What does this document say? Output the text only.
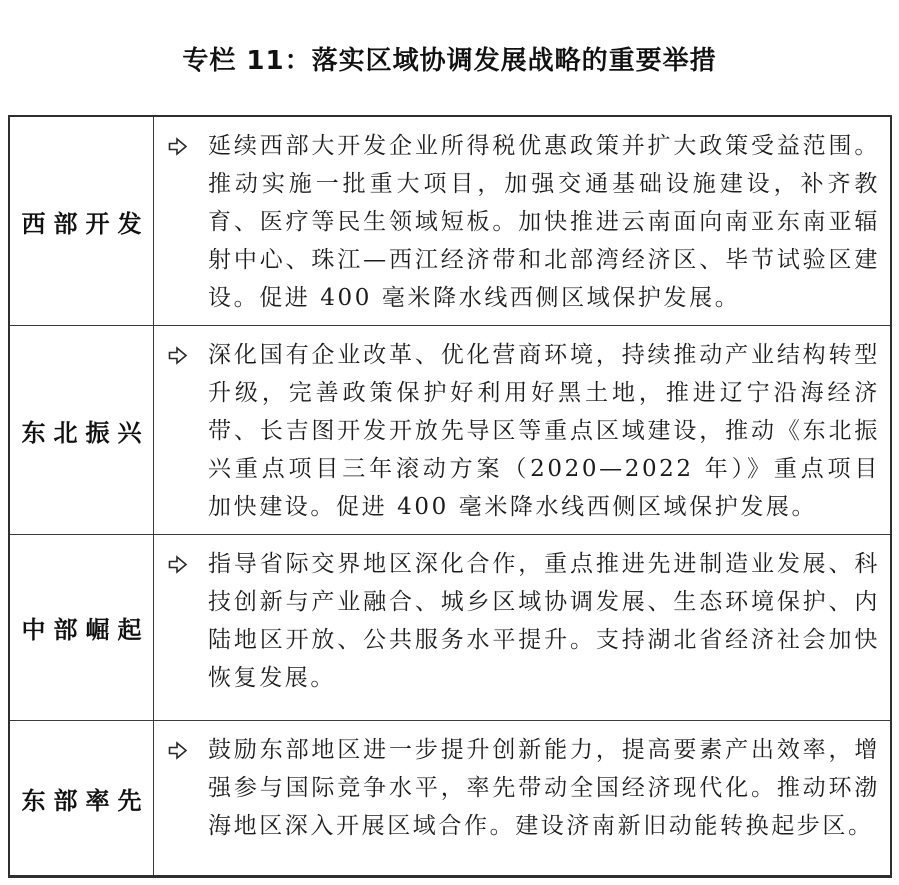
专栏 11：落实区域协调发展战略的重要举措
西部开发
延续西部大开发企业所得税优惠政策并扩大政策受益范围。推动实施一批重大项目，加强交通基础设施建设，补齐教育、医疗等民生领域短板。加快推进云南面向南亚东南亚辐射中心、珠江—西江经济带和北部湾经济区、毕节试验区建设。促进 400 毫米降水线西侧区域保护发展。
东北振兴
深化国有企业改革、优化营商环境，持续推动产业结构转型升级，完善政策保护好利用好黑土地，推进辽宁沿海经济带、长吉图开发开放先导区等重点区域建设，推动《东北振兴重点项目三年滚动方案（2020—2022 年）》重点项目加快建设。促进 400 毫米降水线西侧区域保护发展。
中部崛起
指导省际交界地区深化合作，重点推进先进制造业发展、科技创新与产业融合、城乡区域协调发展、生态环境保护、内陆地区开放、公共服务水平提升。支持湖北省经济社会加快恢复发展。
东部率先
鼓励东部地区进一步提升创新能力，提高要素产出效率，增强参与国际竞争水平，率先带动全国经济现代化。推动环渤海地区深入开展区域合作。建设济南新旧动能转换起步区。
